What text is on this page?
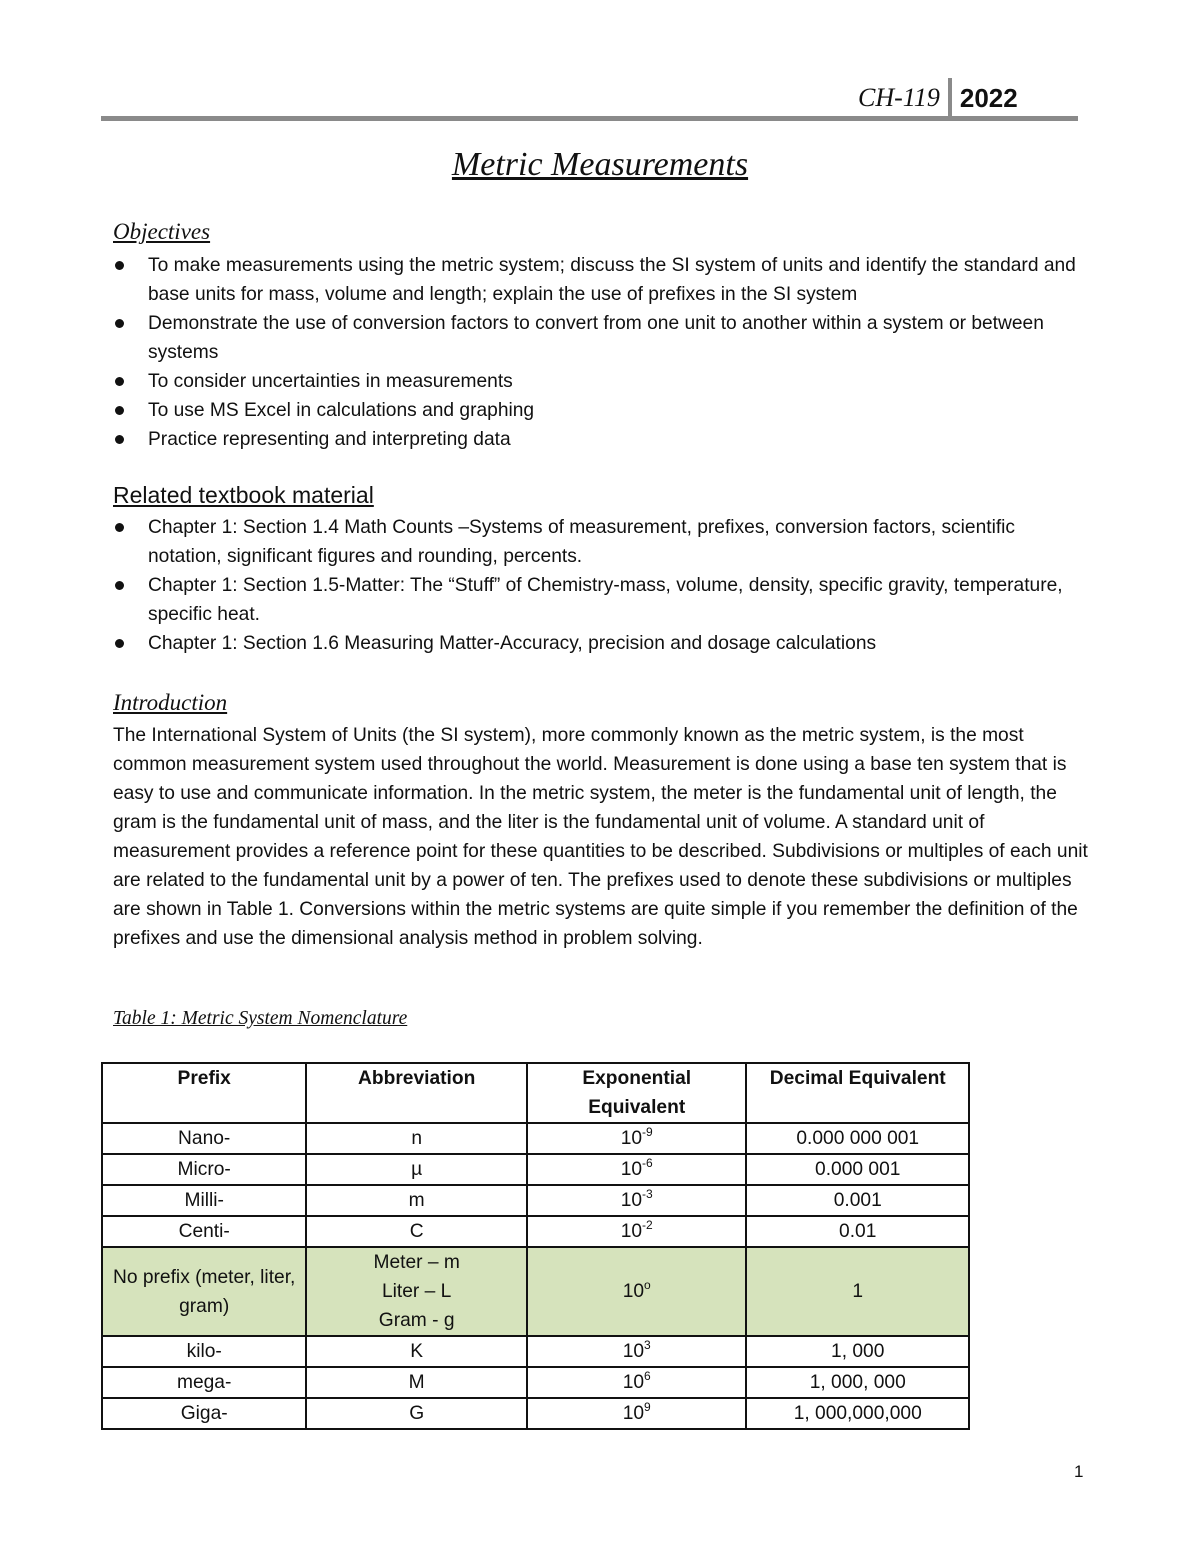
CH-119 2022
Metric Measurements
Objectives
To make measurements using the metric system; discuss the SI system of units and identify the standard and base units for mass, volume and length; explain the use of prefixes in the SI system
Demonstrate the use of conversion factors to convert from one unit to another within a system or between systems
To consider uncertainties in measurements
To use MS Excel in calculations and graphing
Practice representing and interpreting data
Related textbook material
Chapter 1: Section 1.4 Math Counts –Systems of measurement, prefixes, conversion factors, scientific notation, significant figures and rounding, percents.
Chapter 1: Section 1.5-Matter: The “Stuff” of Chemistry-mass, volume, density, specific gravity, temperature, specific heat.
Chapter 1: Section 1.6 Measuring Matter-Accuracy, precision and dosage calculations
Introduction

The International System of Units (the SI system), more commonly known as the metric system, is the most common measurement system used throughout the world. Measurement is done using a base ten system that is easy to use and communicate information. In the metric system, the meter is the fundamental unit of length, the gram is the fundamental unit of mass, and the liter is the fundamental unit of volume. A standard unit of measurement provides a reference point for these quantities to be described. Subdivisions or multiples of each unit are related to the fundamental unit by a power of ten. The prefixes used to denote these subdivisions or multiples are shown in Table 1. Conversions within the metric systems are quite simple if you remember the definition of the prefixes and use the dimensional analysis method in problem solving.

Table 1: Metric System Nomenclature
Prefix	Abbreviation	Exponential Equivalent	Decimal Equivalent
Nano-	n	$10^{-9}$	0.000 000 001
Micro-	µ	$10^{-6}$	0.000 001
Milli-	m	$10^{-3}$	0.001
Centi-	C	$10^{-2}$	0.01
No prefix (meter, liter, gram)	Meter – m
Liter – L
Gram - g	10$^o$	1
kilo-	K	$10^3$	1, 000
mega-	M	$10^6$	1, 000, 000
Giga-	G	$10^9$	1, 000,000,000
1
